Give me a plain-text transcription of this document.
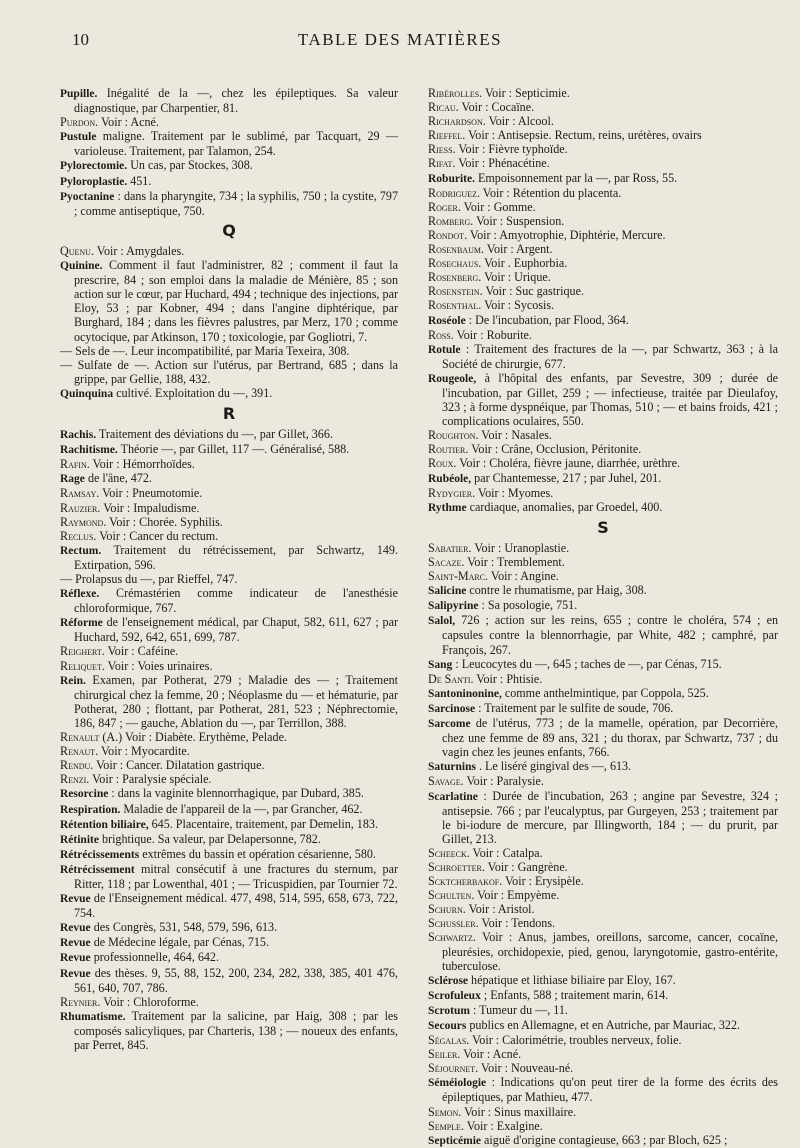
10	TABLE DES MATIÈRES

Pupille. Inégalité de la —, chez les épileptiques. Sa valeur diagnostique, par Charpentier, 81.

Purdon. Voir : Acné.

Pustule maligne. Traitement par le sublimé, par Tacquart, 29 — varioleuse. Traitement, par Talamon, 254.

Pylorectomie. Un cas, par Stockes, 308.

Pyloroplastie. 451.

Pyoctanine : dans la pharyngite, 734 ; la syphilis, 750 ; la cystite, 797 ; comme antiseptique, 750.

Q

Quenu. Voir : Amygdales.

Quinine. Comment il faut l'administrer, 82 ; comment il faut la prescrire, 84 ; son emploi dans la maladie de Ménière, 85 ; son action sur le cœur, par Huchard, 494 ; technique des injections, par Eloy, 53 ; par Kobner, 494 ; dans l'angine diphtérique, par Burghard, 184 ; dans les fièvres palustres, par Merz, 170 ; comme ocytocique, par Atkinson, 170 ; toxicologie, par Gogliotri, 7.

— Sels de —. Leur incompatibilité, par Maria Texeira, 308.

— Sulfate de —. Action sur l'utérus, par Bertrand, 685 ; dans la grippe, par Gellie, 188, 432.

Quinquina cultivé. Exploitation du —, 391.

R

Rachis. Traitement des déviations du —, par Gillet, 366.

Rachitisme. Théorie —, par Gillet, 117 —. Généralisé, 588.

Rafin. Voir : Hémorrhoïdes.

Rage de l'âne, 472.

Ramsay. Voir : Pneumotomie.

Rauzier. Voir : Impaludisme.

Raymond. Voir : Chorée. Syphilis.

Reclus. Voir : Cancer du rectum.

Rectum. Traitement du rétrécissement, par Schwartz, 149. Extirpation, 596.

— Prolapsus du —, par Rieffel, 747.

Réflexe. Crémastérien comme indicateur de l'anesthésie chloroformique, 767.

Réforme de l'enseignement médical, par Chaput, 582, 611, 627 ; par Huchard, 592, 642, 651, 699, 787.

Reighert. Voir : Caféine.

Reliquet. Voir : Voies urinaires.

Rein. Examen, par Potherat, 279 ; Maladie des — ; Traitement chirurgical chez la femme, 20 ; Néoplasme du — et hématurie, par Potherat, 280 ; flottant, par Potherat, 281, 523 ; Néphrectomie, 186, 847 ; — gauche, Ablation du —, par Terrillon, 388.

Renault (A.) Voir : Diabète. Erythème, Pelade.

Renaut. Voir : Myocardite.

Rendu. Voir : Cancer. Dilatation gastrique.

Renzi. Voir : Paralysie spéciale.

Resorcine : dans la vaginite blennorrhagique, par Dubard, 385.

Respiration. Maladie de l'appareil de la —, par Grancher, 462.

Rétention biliaire, 645. Placentaire, traitement, par Demelin, 183.

Rétinite brightique. Sa valeur, par Delapersonne, 782.

Rétrécissements extrêmes du bassin et opération césarienne, 580.

Rétrécissement mitral consécutif à une fractures du sternum, par Ritter, 118 ; par Lowenthal, 401 ; — Tricuspidien, par Tournier 72.

Revue de l'Enseignement médical. 477, 498, 514, 595, 658, 673, 722, 754.

Revue des Congrès, 531, 548, 579, 596, 613.

Revue de Médecine légale, par Cénas, 715.

Revue professionnelle, 464, 642.

Revue des thèses. 9, 55, 88, 152, 200, 234, 282, 338, 385, 401 476, 561, 640, 707, 786.

Reynier. Voir : Chloroforme.

Rhumatisme. Traitement par la salicine, par Haig, 308 ; par les composés salicyliques, par Charteris, 138 ; — noueux des enfants, par Perret, 845.

Ribérolles. Voir : Septicimie.

Ricau. Voir : Cocaïne.

Richardson. Voir : Alcool.

Rieffel. Voir : Antisepsie. Rectum, reins, urétères, ovairs

Riess. Voir : Fièvre typhoïde.

Rifat. Voir : Phénacétine.

Roburite. Empoisonnement par la —, par Ross, 55.

Rodriguez. Voir : Rétention du placenta.

Roger. Voir : Gomme.

Romberg. Voir : Suspension.

Rondot. Voir : Amyotrophie, Diphtérie, Mercure.

Rosenbaum. Voir : Argent.

Rosechaus. Voir . Euphorbia.

Rosenberg. Voir : Urique.

Rosenstein. Voir : Suc gastrique.

Rosenthal. Voir : Sycosis.

Roséole : De l'incubation, par Flood, 364.

Ross. Voir : Roburite.

Rotule : Traitement des fractures de la —, par Schwartz, 363 ; à la Société de chirurgie, 677.

Rougeole, à l'hôpital des enfants, par Sevestre, 309 ; durée de l'incubation, par Gillet, 259 ; — infectieuse, traitée par Dieulafoy, 323 ; à forme dyspnéique, par Thomas, 510 ; — et bains froids, 421 ; complications oculaires, 550.

Roughton. Voir : Nasales.

Routier. Voir : Crâne, Occlusion, Péritonite.

Roux. Voir : Choléra, fièvre jaune, diarrhée, urèthre.

Rubéole, par Chantemesse, 217 ; par Juhel, 201.

Rydygier. Voir : Myomes.

Rythme cardiaque, anomalies, par Groedel, 400.

S

Sabatier. Voir : Uranoplastie.

Sacaze. Voir : Tremblement.

Saint-Marc. Voir : Angine.

Salicine contre le rhumatisme, par Haig, 308.

Salipyrine : Sa posologie, 751.

Salol, 726 ; action sur les reins, 655 ; contre le choléra, 574 ; en capsules contre la blennorrhagie, par White, 482 ; camphré, par François, 267.

Sang : Leucocytes du —, 645 ; taches de —, par Cénas, 715.

De Santi. Voir : Phtisie.

Santoninonine, comme anthelmintique, par Coppola, 525.

Sarcinose : Traitement par le sulfite de soude, 706.

Sarcome de l'utérus, 773 ; de la mamelle, opération, par Decorrière, chez une femme de 89 ans, 321 ; du thorax, par Schwartz, 737 ; du vagin chez les jeunes enfants, 766.

Saturnins . Le liséré gingival des —, 613.

Savage. Voir : Paralysie.

Scarlatine : Durée de l'incubation, 263 ; angine par Sevestre, 324 ; antisepsie. 766 ; par l'eucalyptus, par Gurgeyen, 253 ; traitement par le bi-iodure de mercure, par Illingworth, 184 ; — du prurit, par Gillet, 213.

Scheeck. Voir : Catalpa.

Schroetter. Voir : Gangrène.

Scktcherbakof. Voir : Erysipèle.

Schulten. Voir : Empyème.

Schurn. Voir : Aristol.

Schussler. Voir : Tendons.

Schwartz. Voir : Anus, jambes, oreillons, sarcome, cancer, cocaïne, pleurésies, orchidopexie, pied, genou, laryngotomie, gastro-entérite, tuberculose.

Sclérose hépatique et lithiase biliaire par Eloy, 167.

Scrofuleux ; Enfants, 588 ; traitement marin, 614.

Scrotum : Tumeur du —, 11.

Secours publics en Allemagne, et en Autriche, par Mauriac, 322.

Ségalas. Voir : Calorimétrie, troubles nerveux, folie.

Seiler. Voir : Acné.

Séjournet. Voir : Nouveau-né.

Séméiologie : Indications qu'on peut tirer de la forme des écrits des épileptiques, par Mathieu, 477.

Semon. Voir : Sinus maxillaire.

Semple. Voir : Exalgine.

Septicémie aiguë d'origine contagieuse, 663 ; par Bloch, 625 ;
